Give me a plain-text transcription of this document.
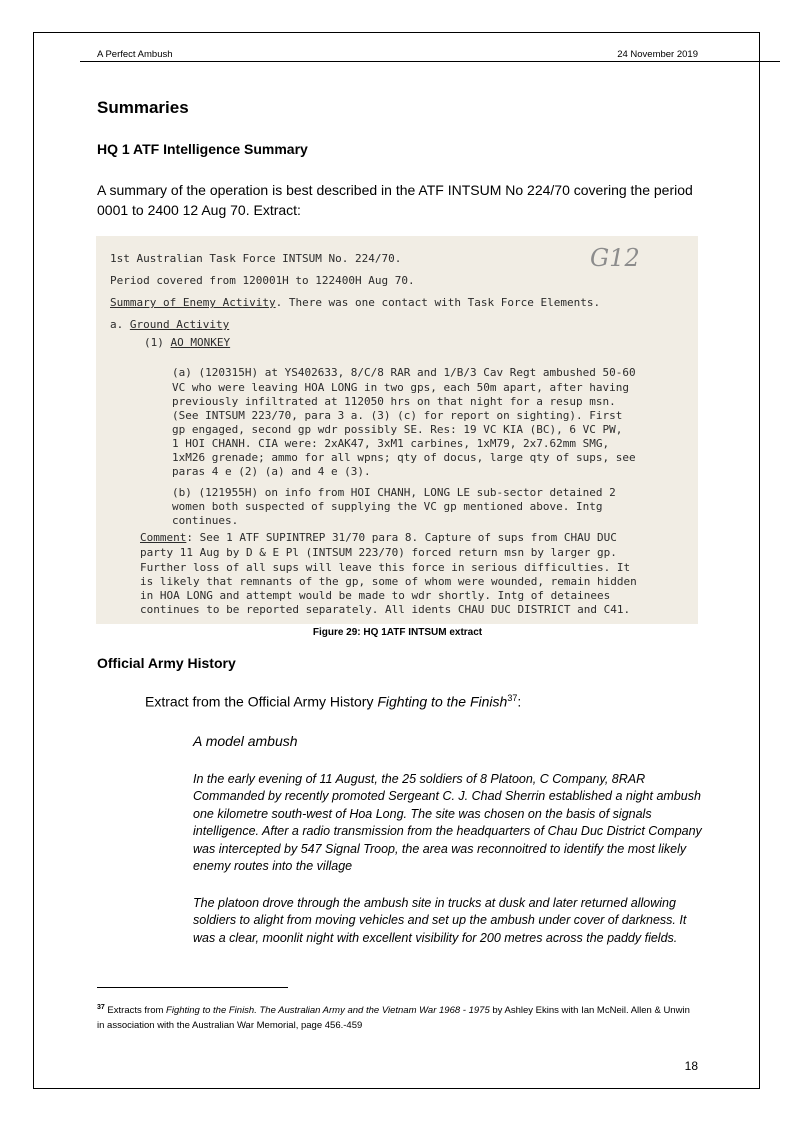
A Perfect Ambush	24 November 2019
Summaries
HQ 1 ATF Intelligence Summary

A summary of the operation is best described in the ATF INTSUM No 224/70 covering the period 0001 to 2400 12 Aug 70. Extract:

G12
1st Australian Task Force INTSUM No. 224/70.
Period covered from 120001H to 122400H Aug 70.
Summary of Enemy Activity. There was one contact with Task Force Elements.
a. Ground Activity
(1) AO MONKEY
(a) (120315H) at YS402633, 8/C/8 RAR and 1/B/3 Cav Regt ambushed 50-60
VC who were leaving HOA LONG in two gps, each 50m apart, after having
previously infiltrated at 112050 hrs on that night for a resup msn.
(See INTSUM 223/70, para 3 a. (3) (c) for report on sighting). First
gp engaged, second gp wdr possibly SE. Res: 19 VC KIA (BC), 6 VC PW,
1 HOI CHANH. CIA were: 2xAK47, 3xM1 carbines, 1xM79, 2x7.62mm SMG,
1xM26 grenade; ammo for all wpns; qty of docus, large qty of sups, see
paras 4 e (2) (a) and 4 e (3).
(b) (121955H) on info from HOI CHANH, LONG LE sub-sector detained 2
women both suspected of supplying the VC gp mentioned above. Intg
continues.
Comment: See 1 ATF SUPINTREP 31/70 para 8. Capture of sups from CHAU DUC
party 11 Aug by D & E Pl (INTSUM 223/70) forced return msn by larger gp.
Further loss of all sups will leave this force in serious difficulties. It
is likely that remnants of the gp, some of whom were wounded, remain hidden
in HOA LONG and attempt would be made to wdr shortly. Intg of detainees
continues to be reported separately. All idents CHAU DUC DISTRICT and C41.
Figure 29: HQ 1ATF INTSUM extract
Official Army History
Extract from the Official Army History Fighting to the Finish$^{37}$:
A model ambush

In the early evening of 11 August, the 25 soldiers of 8 Platoon, C Company, 8RAR Commanded by recently promoted Sergeant C. J. Chad Sherrin established a night ambush one kilometre south-west of Hoa Long. The site was chosen on the basis of signals intelligence. After a radio transmission from the headquarters of Chau Duc District Company was intercepted by 547 Signal Troop, the area was reconnoitred to identify the most likely enemy routes into the village

The platoon drove through the ambush site in trucks at dusk and later returned allowing soldiers to alight from moving vehicles and set up the ambush under cover of darkness. It was a clear, moonlit night with excellent visibility for 200 metres across the paddy fields.

$^{37}$ Extracts from Fighting to the Finish. The Australian Army and the Vietnam War 1968 - 1975 by Ashley Ekins with Ian McNeil. Allen & Unwin in association with the Australian War Memorial, page 456.-459
18
